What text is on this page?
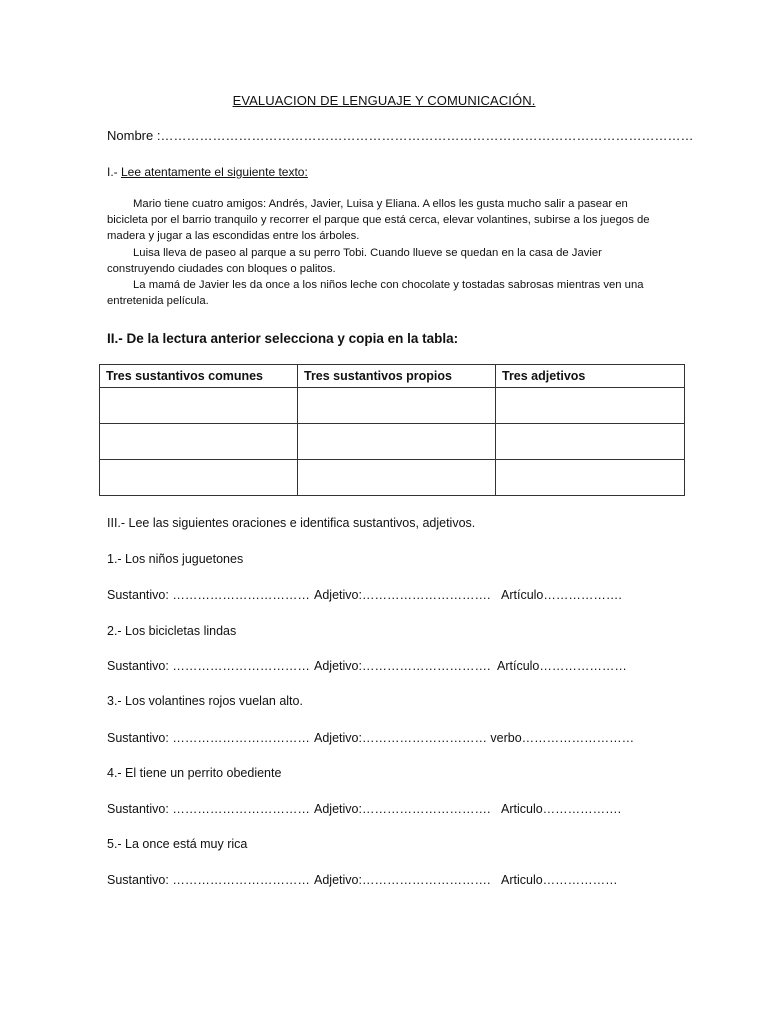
EVALUACION DE LENGUAJE Y COMUNICACIÓN.
Nombre :……………………………………………………………………………………………………………
I.- Lee atentamente el siguiente texto:

Mario tiene cuatro amigos: Andrés, Javier, Luisa y Eliana. A ellos les gusta mucho salir a pasear en bicicleta por el barrio tranquilo y recorrer el parque que está cerca, elevar volantines, subirse a los juegos de madera y jugar a las escondidas entre los árboles.

Luisa lleva de paseo al parque a su perro Tobi. Cuando llueve se quedan en la casa de Javier construyendo ciudades con bloques o palitos.

La mamá de Javier les da once a los niños leche con chocolate y tostadas sabrosas mientras ven una entretenida película.

II.- De la lectura anterior selecciona y copia en la tabla:
Tres sustantivos comunes	Tres sustantivos propios	Tres adjetivos

III.- Lee las siguientes oraciones e identifica sustantivos, adjetivos.
1.- Los niños juguetones
Sustantivo: …………………………… Adjetivo:…………………………. Artículo……………….
2.- Los bicicletas lindas
Sustantivo: …………………………… Adjetivo:…………………………. Artículo…………………
3.- Los volantines rojos vuelan alto.
Sustantivo: …………………………… Adjetivo:………………………… verbo………………………
4.- El tiene un perrito obediente
Sustantivo: …………………………… Adjetivo:…………………………. Articulo……………….
5.- La once está muy rica
Sustantivo: …………………………… Adjetivo:…………………………. Articulo………………
